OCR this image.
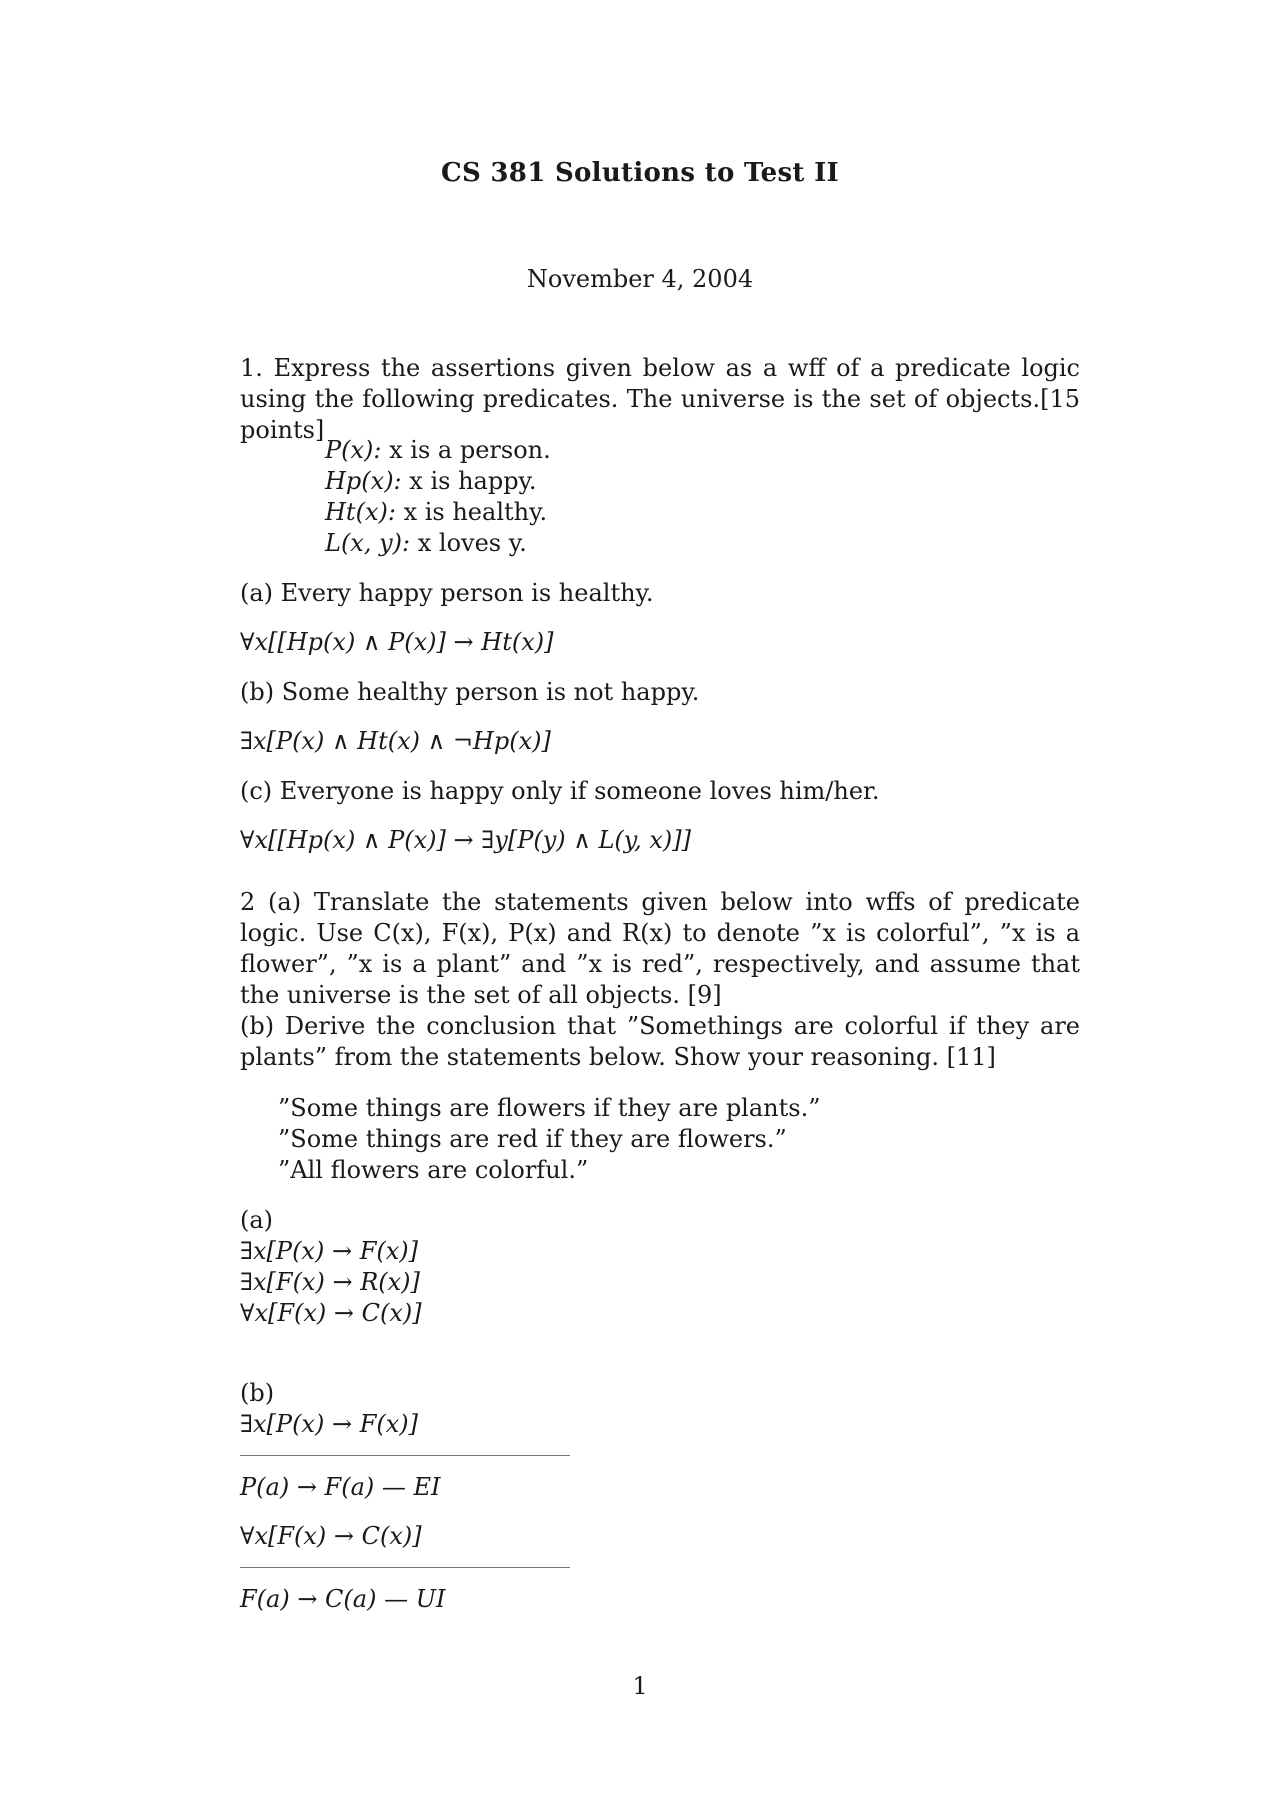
CS 381 Solutions to Test II
November 4, 2004
1. Express the assertions given below as a wff of a predicate logic using the following predicates. The universe is the set of objects.[15 points]
P(x): x is a person.
Hp(x): x is happy.
Ht(x): x is healthy.
L(x, y): x loves y.
(a) Every happy person is healthy.
∀x[[Hp(x) ∧ P(x)] → Ht(x)]
(b) Some healthy person is not happy.
∃x[P(x) ∧ Ht(x) ∧ ¬Hp(x)]
(c) Everyone is happy only if someone loves him/her.
∀x[[Hp(x) ∧ P(x)] → ∃y[P(y) ∧ L(y, x)]]
2 (a) Translate the statements given below into wffs of predicate logic. Use C(x), F(x), P(x) and R(x) to denote ”x is colorful”, ”x is a flower”, ”x is a plant” and ”x is red”, respectively, and assume that the universe is the set of all objects. [9]
(b) Derive the conclusion that ”Somethings are colorful if they are plants” from the statements below. Show your reasoning. [11]
”Some things are flowers if they are plants.”
”Some things are red if they are flowers.”
”All flowers are colorful.”
(a)
∃x[P(x) → F(x)]
∃x[F(x) → R(x)]
∀x[F(x) → C(x)]
(b)
∃x[P(x) → F(x)]
P(a) → F(a) — EI
∀x[F(x) → C(x)]
F(a) → C(a) — UI
1
